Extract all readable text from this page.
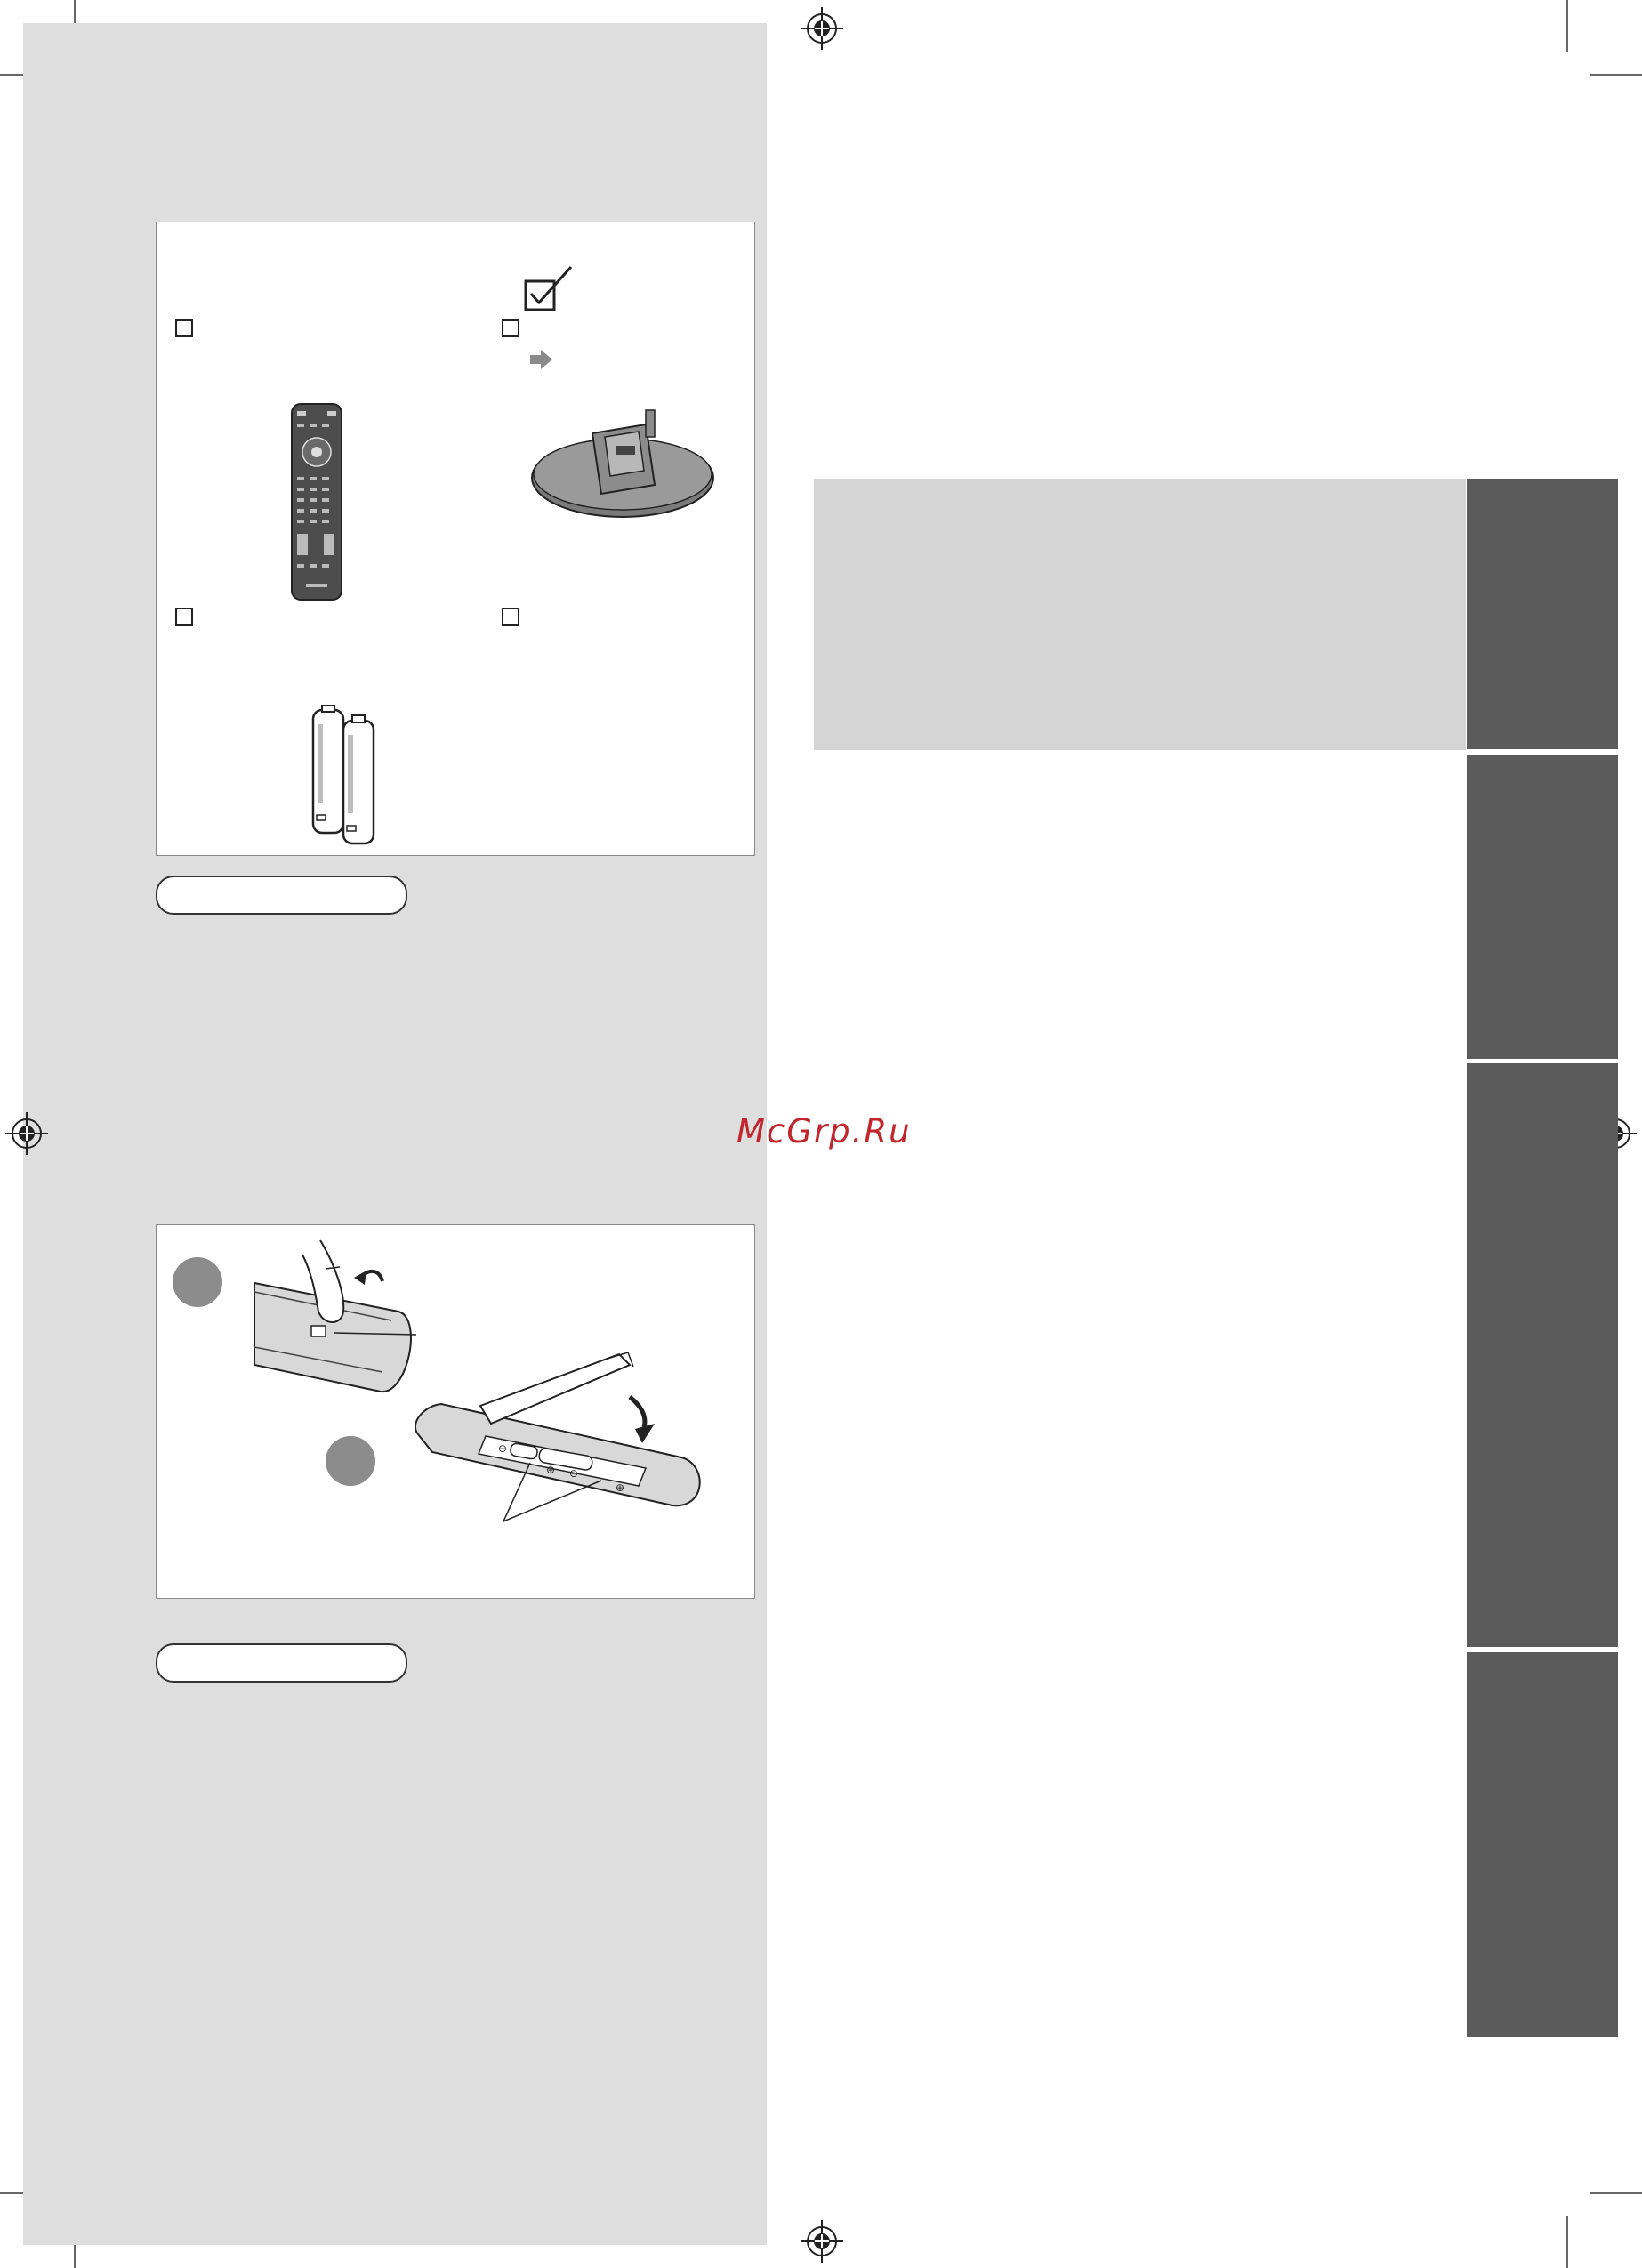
⊕ ⊖
⊕
⊖
McGrp.Ru
